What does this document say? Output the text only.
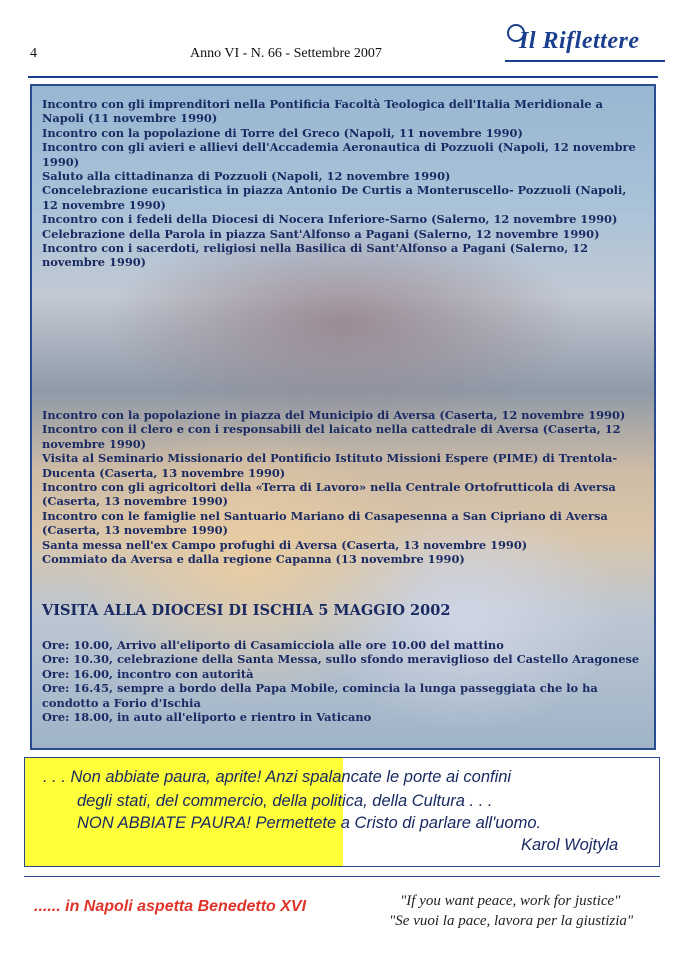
4	Anno VI - N. 66 - Settembre 2007	Il Riflettere
Incontro con gli imprenditori nella Pontificia Facoltà Teologica dell'Italia Meridionale a Napoli (11 novembre 1990)
Incontro con la popolazione di Torre del Greco (Napoli, 11 novembre 1990)
Incontro con gli avieri e allievi dell'Accademia Aeronautica di Pozzuoli (Napoli, 12 novembre 1990)
Saluto alla cittadinanza di Pozzuoli (Napoli, 12 novembre 1990)
Concelebrazione eucaristica in piazza Antonio De Curtis a Monteruscello- Pozzuoli (Napoli, 12 novembre 1990)
Incontro con i fedeli della Diocesi di Nocera Inferiore-Sarno (Salerno, 12 novembre 1990)
Celebrazione della Parola in piazza Sant'Alfonso a Pagani (Salerno, 12 novembre 1990)
Incontro con i sacerdoti, religiosi nella Basilica di Sant'Alfonso a Pagani (Salerno, 12 novembre 1990)
Incontro con la popolazione in piazza del Municipio di Aversa (Caserta, 12 novembre 1990)
Incontro con il clero e con i responsabili del laicato nella cattedrale di Aversa (Caserta, 12 novembre 1990)
Visita al Seminario Missionario del Pontificio Istituto Missioni Espere (PIME) di Trentola-Ducenta (Caserta, 13 novembre 1990)
Incontro con gli agricoltori della «Terra di Lavoro» nella Centrale Ortofrutticola di Aversa (Caserta, 13 novembre 1990)
Incontro con le famiglie nel Santuario Mariano di Casapesenna a San Cipriano di Aversa (Caserta, 13 novembre 1990)
Santa messa nell'ex Campo profughi di Aversa (Caserta, 13 novembre 1990)
Commiato da Aversa e dalla regione Capanna (13 novembre 1990)
VISITA ALLA DIOCESI DI ISCHIA 5 MAGGIO 2002
Ore: 10.00, Arrivo all'eliporto di Casamicciola alle ore 10.00 del mattino
Ore: 10.30, celebrazione della Santa Messa, sullo sfondo meraviglioso del Castello Aragonese
Ore: 16.00, incontro con autorità
Ore: 16.45, sempre a bordo della Papa Mobile, comincia la lunga passeggiata che lo ha condotto a Forio d'Ischia
Ore: 18.00, in auto all'eliporto e rientro in Vaticano
. . . Non abbiate paura, aprite! Anzi spalancate le porte ai confini
degli stati, del commercio, della politica, della Cultura . . .
NON ABBIATE PAURA! Permettete a Cristo di parlare all'uomo.
Karol Wojtyla
...... in Napoli aspetta Benedetto XVI	"If you want peace, work for justice"
"Se vuoi la pace, lavora per la giustizia"
